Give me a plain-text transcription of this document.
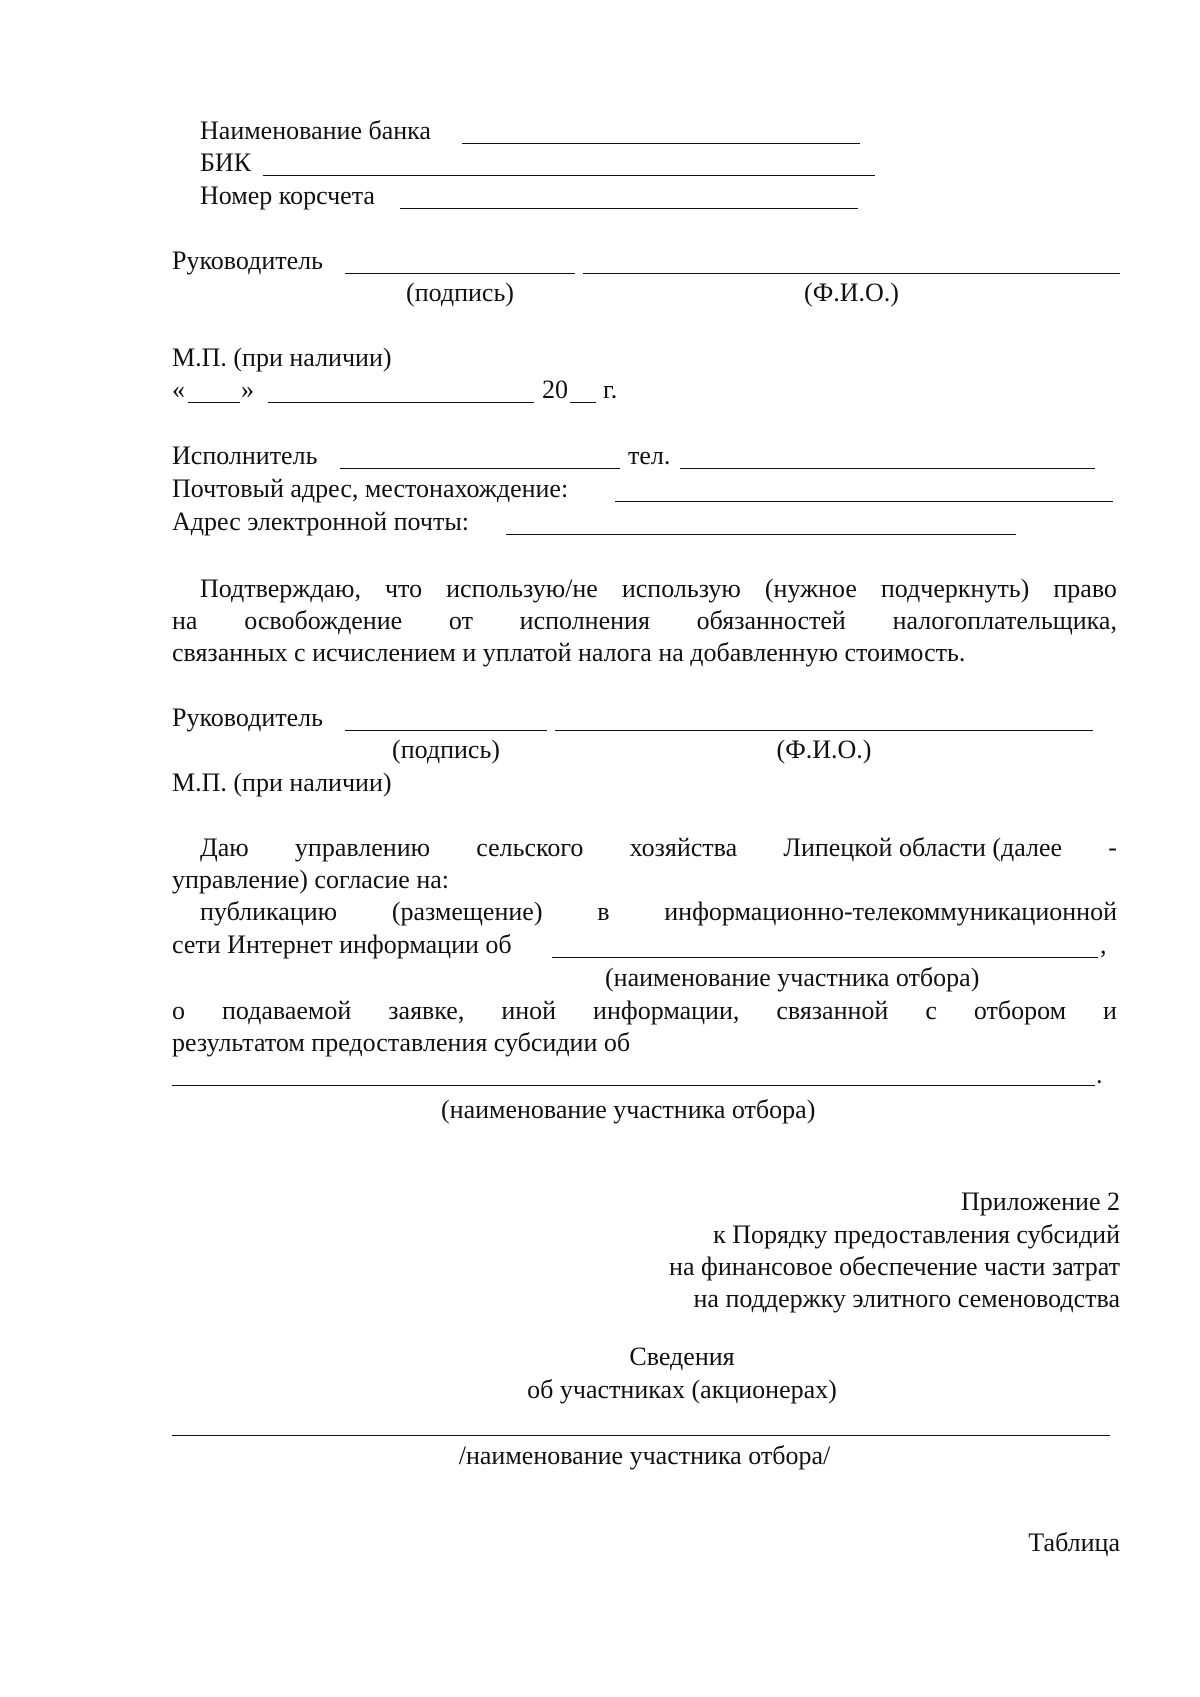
Наименование банка
БИК
Номер корсчета
Руководитель
(подпись)	(Ф.И.О.)
М.П. (при наличии)
« »	20 г.
Исполнитель	тел.
Почтовый адрес, местонахождение:
Адрес электронной почты:
Подтверждаю, что использую/не использую (нужное подчеркнуть) право
на освобождение от исполнения обязанностей налогоплательщика,
связанных с исчислением и уплатой налога на добавленную стоимость.
Руководитель
(подпись)	(Ф.И.О.)
М.П. (при наличии)
Даю управлению сельского хозяйства Липецкой области (далее -
управление) согласие на:
публикацию (размещение) в информационно-телекоммуникационной
сети Интернет информации об	,
(наименование участника отбора)
о подаваемой заявке, иной информации, связанной с отбором и
результатом предоставления субсидии об
.
(наименование участника отбора)
Приложение 2
к Порядку предоставления субсидий
на финансовое обеспечение части затрат
на поддержку элитного семеноводства
Сведения
об участниках (акционерах)
/наименование участника отбора/
Таблица
